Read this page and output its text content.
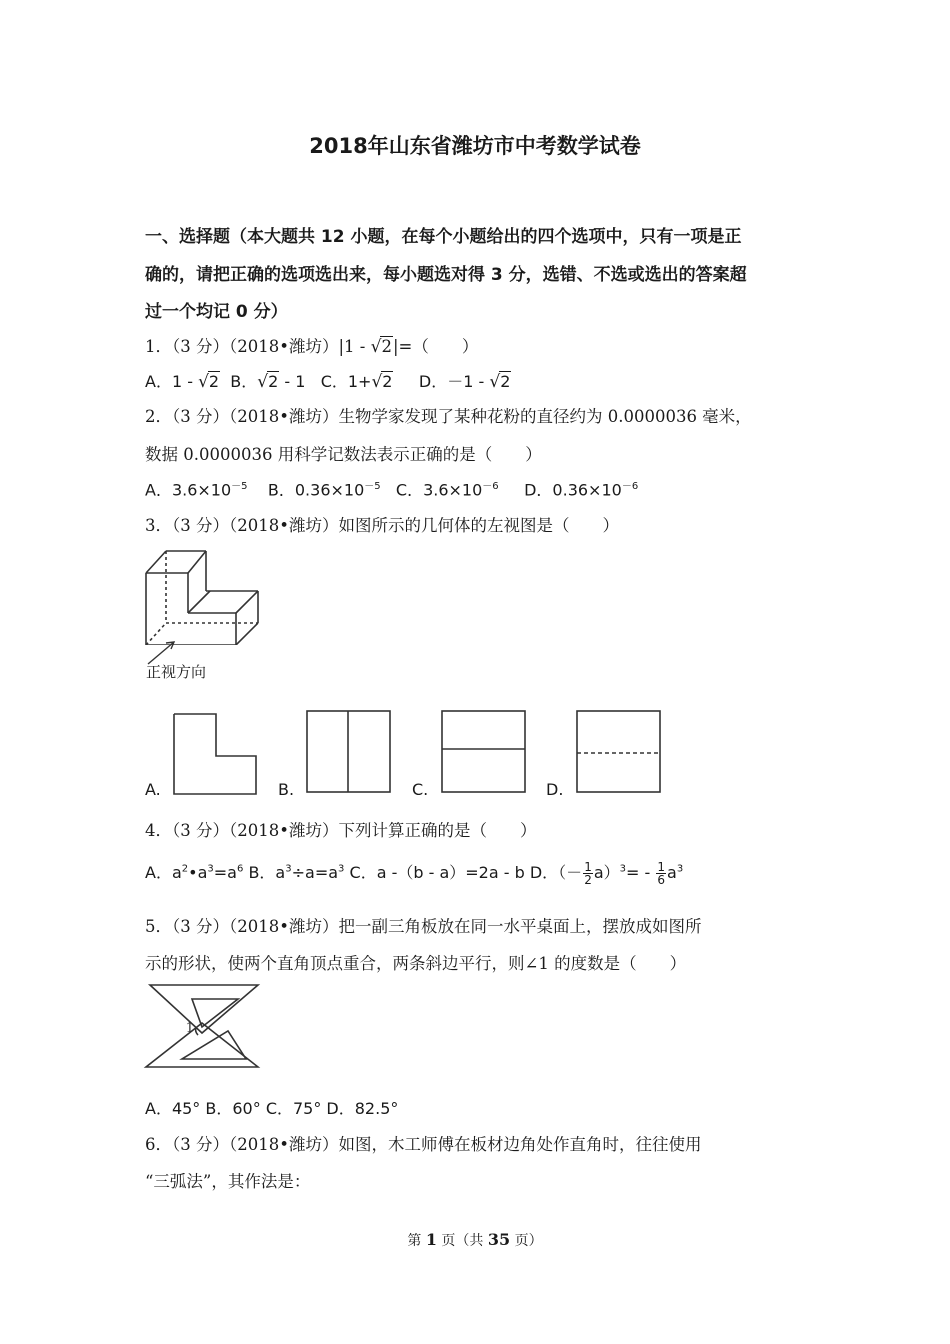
2018年山东省潍坊市中考数学试卷
一、选择题（本大题共 12 小题，在每个小题给出的四个选项中，只有一项是正
确的，请把正确的选项选出来，每小题选对得 3 分，选错、不选或选出的答案超
过一个均记 0 分）
1．（3 分）（2018•潍坊）|1 - √2|=（　　）
A．1 - √2 B．√2 - 1 C．1+√2 D．－1 - √2
2．（3 分）（2018•潍坊）生物学家发现了某种花粉的直径约为 0.0000036 毫米，
数据 0.0000036 用科学记数法表示正确的是（　　）
A．$3.6\times 10^{-5}$ B．$0.36\times 10^{-5}$ C．$3.6\times 10^{-6}$ D．$0.36\times 10^{-6}$
3．（3 分）（2018•潍坊）如图所示的几何体的左视图是（　　）
正视方向
A.	B.	C.	D.
4．（3 分）（2018•潍坊）下列计算正确的是（　　）
A．$a^2•a^3=a^6$ B．$a^3\div a=a^3$ C．a -（b - a）=2a - b D．（－ $\frac{1}{2} a)^3= - \frac{1}{6} a^3$
5．（3 分）（2018•潍坊）把一副三角板放在同一水平桌面上，摆放成如图所
示的形状，使两个直角顶点重合，两条斜边平行，则∠1 的度数是（　　）
1
A．45° B．60° C．75° D．82.5°
6．（3 分）（2018•潍坊）如图，木工师傅在板材边角处作直角时，往往使用
“三弧法”，其作法是：
第 1 页（共 35 页）
